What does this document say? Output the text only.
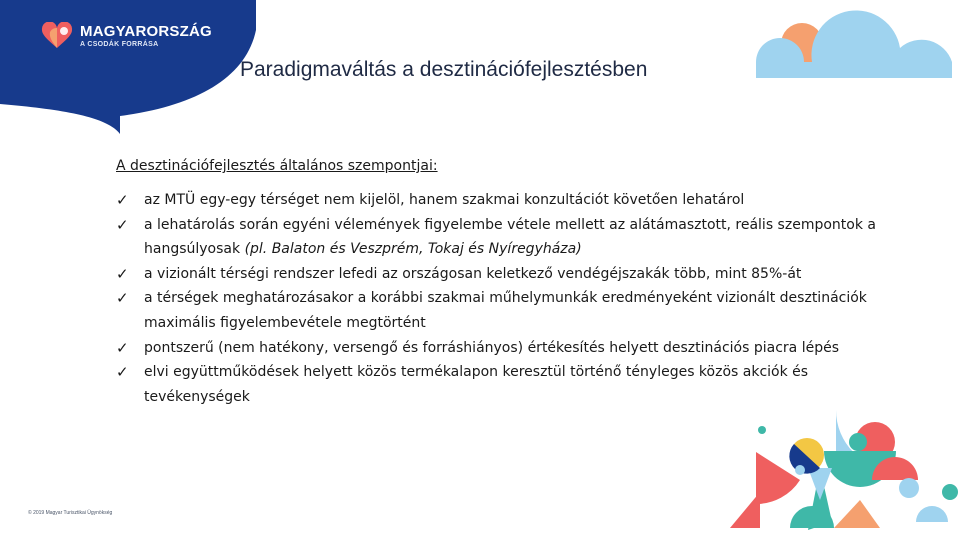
MAGYARORSZÁG
A CSODÁK FORRÁSA
Paradigmaváltás a desztinációfejlesztésben
A desztinációfejlesztés általános szempontjai:
✓ az MTÜ egy-egy térséget nem kijelöl, hanem szakmai konzultációt követően lehatárol
✓ a lehatárolás során egyéni vélemények figyelembe vétele mellett az alátámasztott, reális szempontok a hangsúlyosak (pl. Balaton és Veszprém, Tokaj és Nyíregyháza)
✓ a vizionált térségi rendszer lefedi az országosan keletkező vendégéjszakák több, mint 85%-át
✓ a térségek meghatározásakor a korábbi szakmai műhelymunkák eredményeként vizionált desztinációk maximális figyelembevétele megtörtént
✓ pontszerű (nem hatékony, versengő és forráshiányos) értékesítés helyett desztinációs piacra lépés
✓ elvi együttműködések helyett közös termékalapon keresztül történő tényleges közös akciók és tevékenységek
© 2019 Magyar Turisztikai Ügynökség
